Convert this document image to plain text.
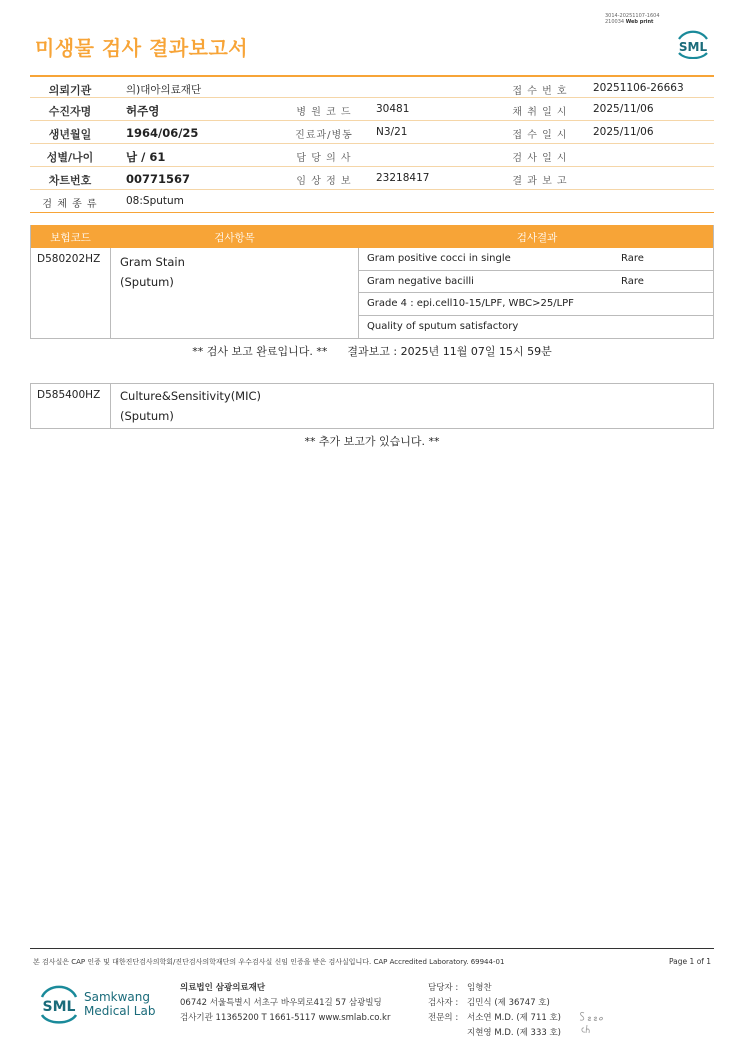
3014-20251107-1604
210034 Web print
미생물 검사 결과보고서	SML
의뢰기관	의)대아의료재단	접 수 번 호	20251106-26663
수진자명	허주영	병 원 코 드	30481	채 취 일 시	2025/11/06
생년월일	1964/06/25	진료과/병동	N3/21	접 수 일 시	2025/11/06
성별/나이	남 / 61	담 당 의 사	검 사 일 시
차트번호	00771567	임 상 정 보	23218417	결 과 보 고
검 체 종 류	08:Sputum
보험코드	검사항목	검사결과
D580202HZ Gram Stain
(Sputum)
Gram positive cocci in single	Rare
Gram negative bacilli	Rare
Grade 4 : epi.cell10-15/LPF, WBC>25/LPF
Quality of sputum satisfactory
** 검사 보고 완료입니다. ** 결과보고 : 2025년 11월 07일 15시 59분
D585400HZ Culture&Sensitivity(MIC)
(Sputum)
** 추가 보고가 있습니다. **
본 검사실은 CAP 인증 및 대한진단검사의학회/진단검사의학재단의 우수검사실 신임 인증을 받은 검사실입니다. CAP Accredited Laboratory. 69944-01	Page 1 of 1
SML
Samkwang
Medical Lab
의료법인 삼광의료재단
06742 서울특별시 서초구 바우뫼로41길 57 삼광빌딩
검사기관 11365200 T 1661-5117 www.smlab.co.kr
담당자 : 임형찬
검사자 : 김민식 (제 36747 호)
전문의 : 서소연 M.D. (제 711 호)
지현영 M.D. (제 333 호)
